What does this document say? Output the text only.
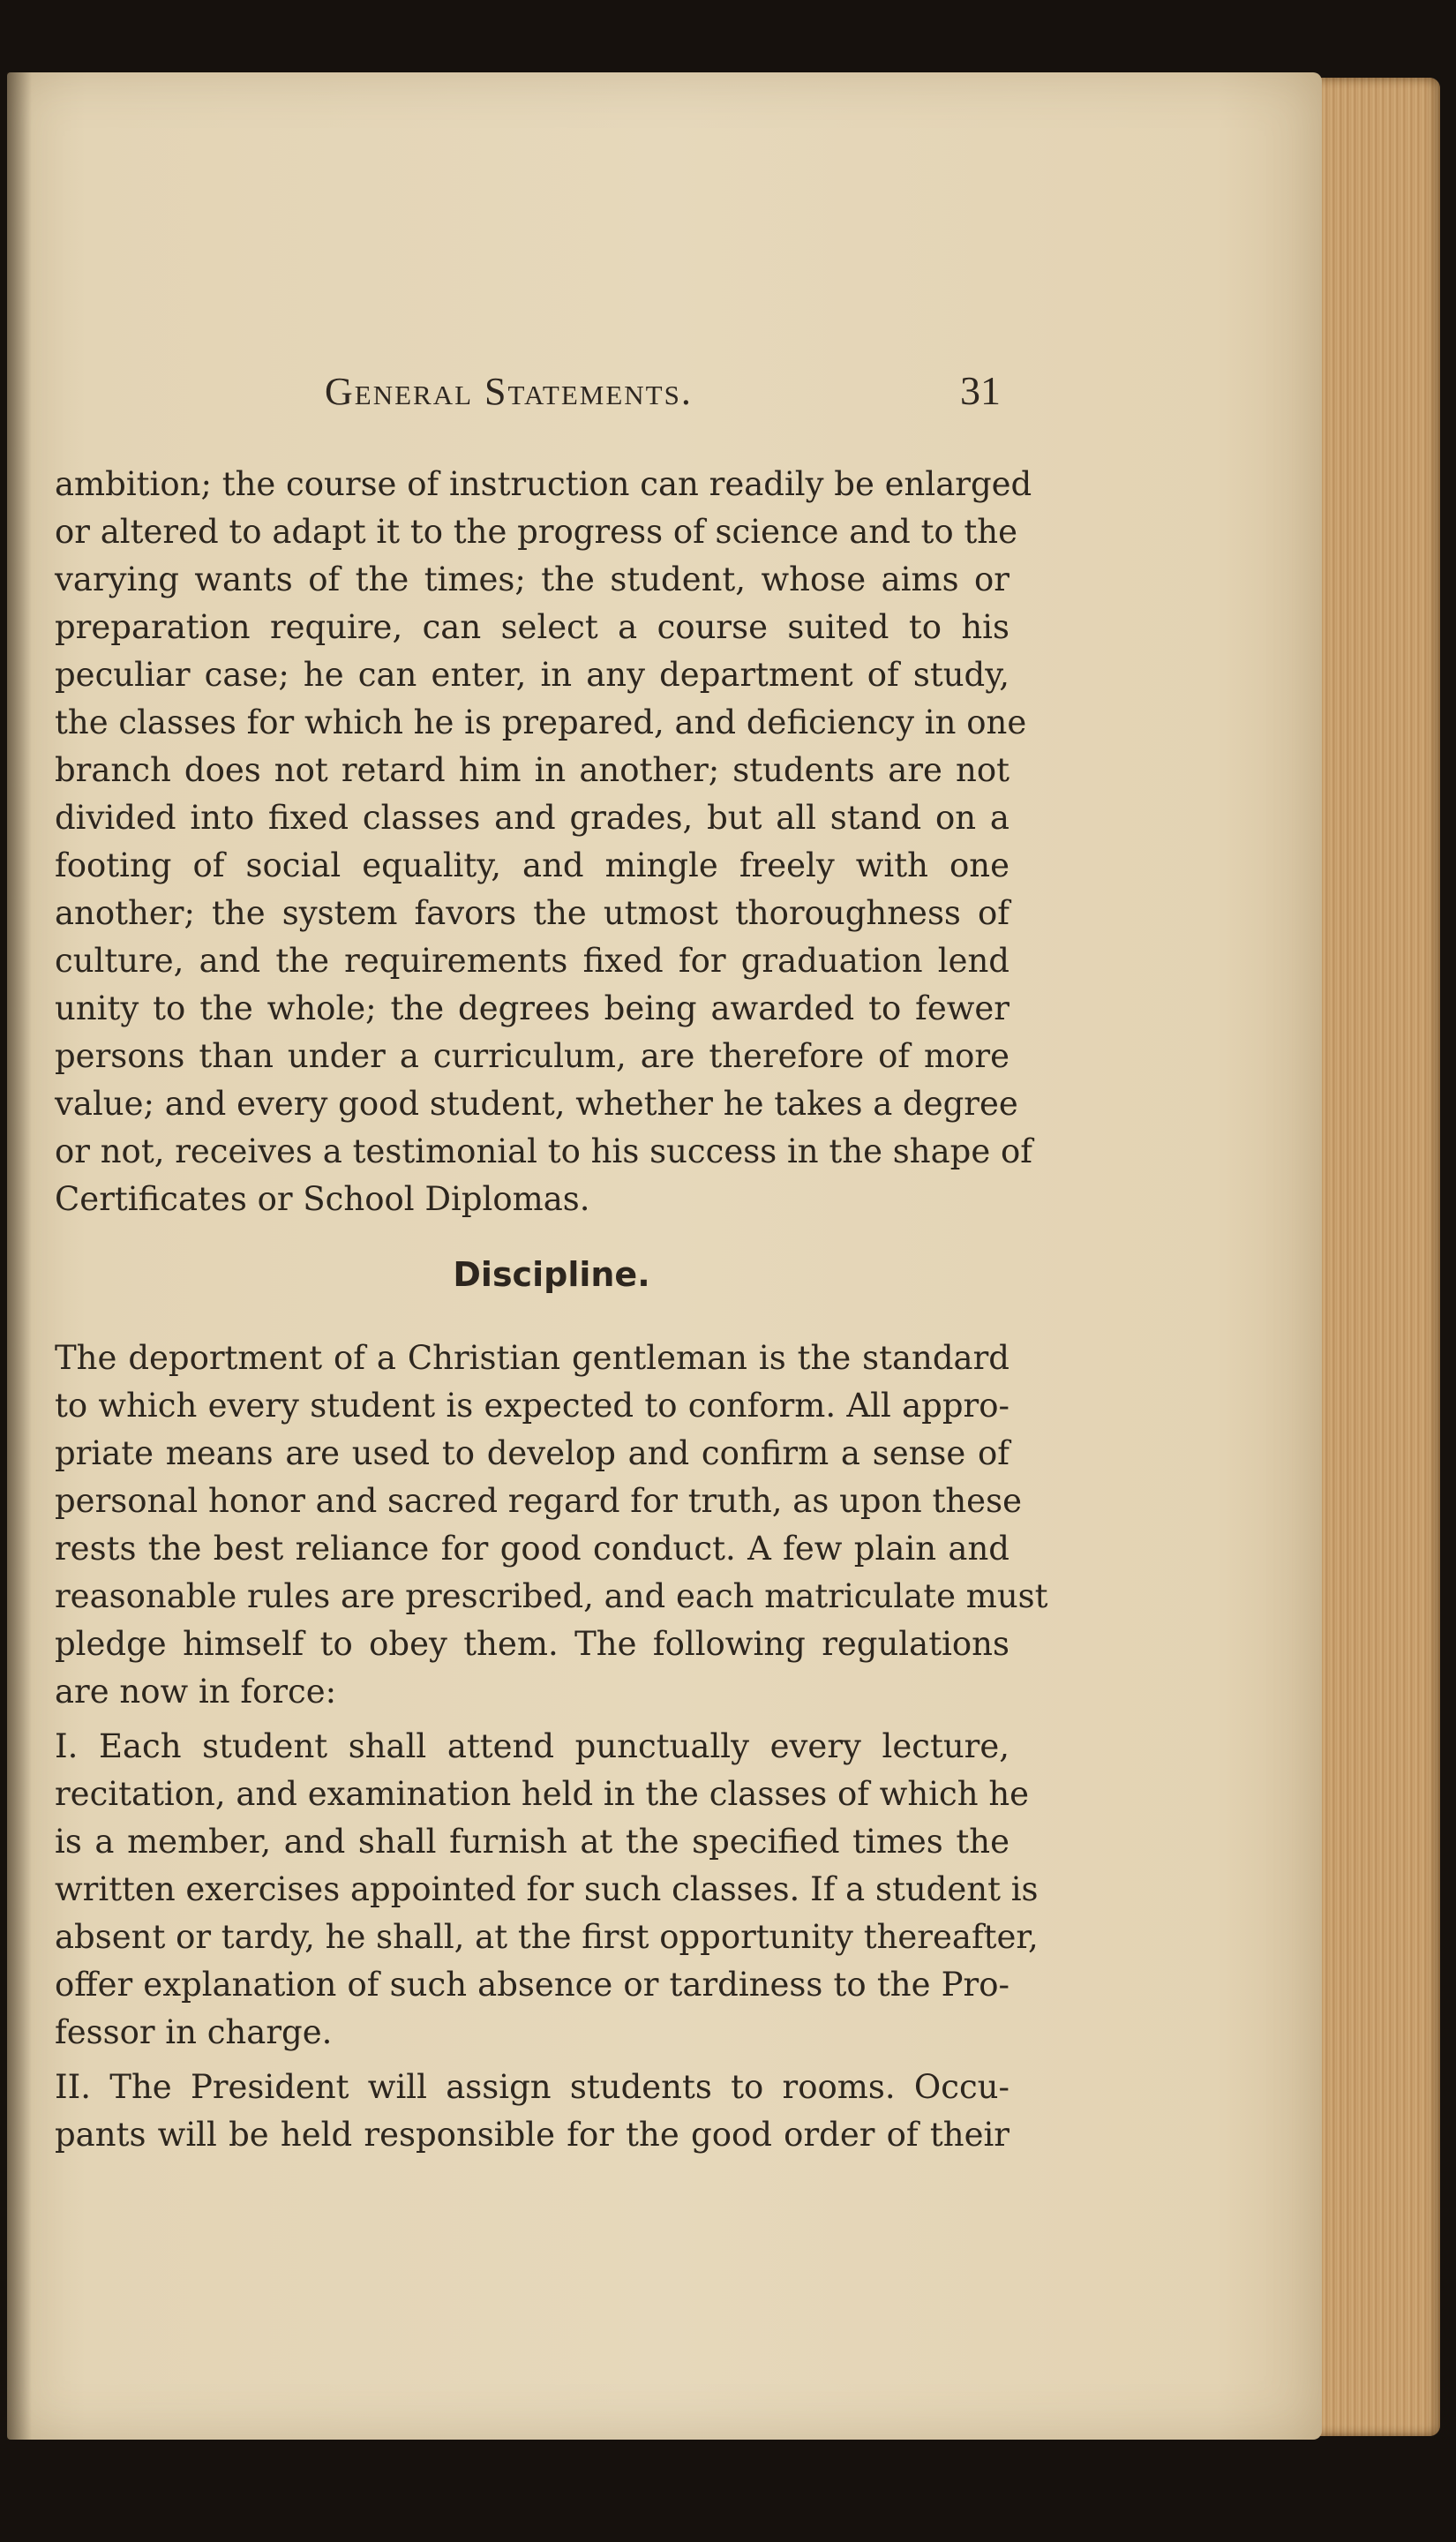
General Statements.	31
ambition; the course of instruction can readily be enlarged
or altered to adapt it to the progress of science and to the
varying wants of the times; the student, whose aims or
preparation require, can select a course suited to his
peculiar case; he can enter, in any department of study,
the classes for which he is prepared, and deficiency in one
branch does not retard him in another; students are not
divided into fixed classes and grades, but all stand on a
footing of social equality, and mingle freely with one
another; the system favors the utmost thoroughness of
culture, and the requirements fixed for graduation lend
unity to the whole; the degrees being awarded to fewer
persons than under a curriculum, are therefore of more
value; and every good student, whether he takes a degree
or not, receives a testimonial to his success in the shape of
Certificates or School Diplomas.
Discipline.
The deportment of a Christian gentleman is the standard
to which every student is expected to conform. All appro-
priate means are used to develop and confirm a sense of
personal honor and sacred regard for truth, as upon these
rests the best reliance for good conduct. A few plain and
reasonable rules are prescribed, and each matriculate must
pledge himself to obey them. The following regulations
are now in force:
I. Each student shall attend punctually every lecture,
recitation, and examination held in the classes of which he
is a member, and shall furnish at the specified times the
written exercises appointed for such classes. If a student is
absent or tardy, he shall, at the first opportunity thereafter,
offer explanation of such absence or tardiness to the Pro-
fessor in charge.
II. The President will assign students to rooms. Occu-
pants will be held responsible for the good order of their
